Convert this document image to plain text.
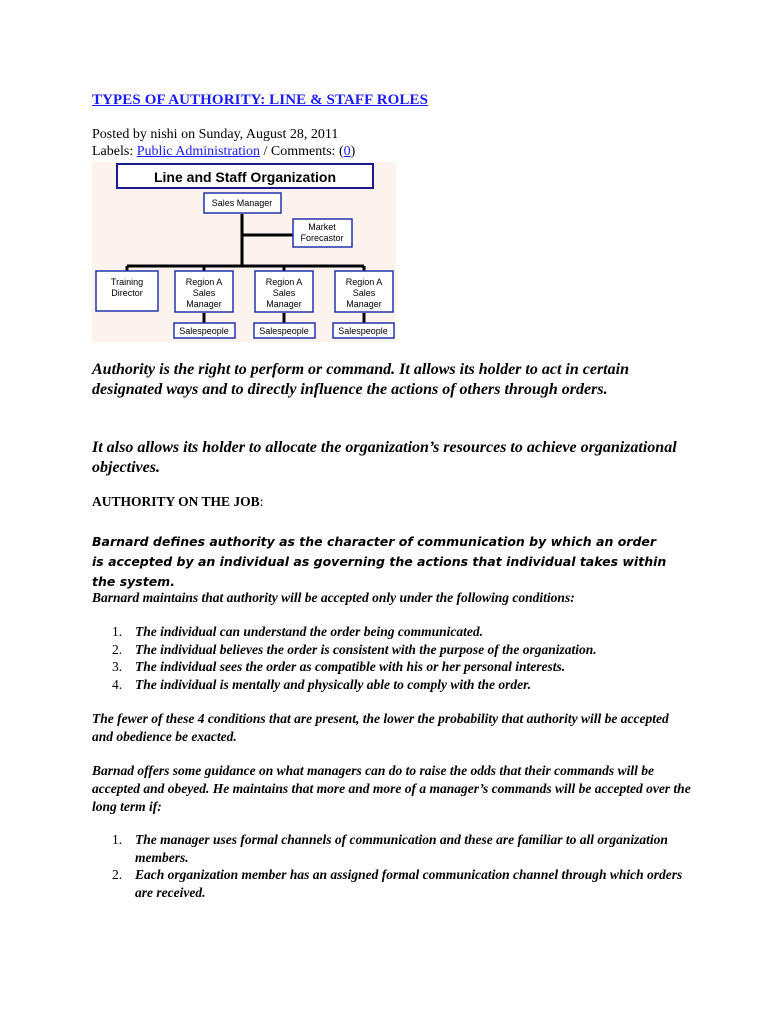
TYPES OF AUTHORITY: LINE & STAFF ROLES
Posted by nishi on Sunday, August 28, 2011
Labels: Public Administration / Comments: (0)
Line and Staff Organization
Sales Manager
Market
Forecastor
Training
Director
Region A
Sales
Manager
Region A
Sales
Manager
Region A
Sales
Manager
Salespeople	Salespeople	Salespeople
Authority is the right to perform or command. It allows its holder to act in certain designated ways and to directly influence the actions of others through orders.
It also allows its holder to allocate the organization’s resources to achieve organizational objectives.
AUTHORITY ON THE JOB:
Barnard defines authority as the character of communication by which an order is accepted by an individual as governing the actions that individual takes within the system.
Barnard maintains that authority will be accepted only under the following conditions:
1. The individual can understand the order being communicated.
2. The individual believes the order is consistent with the purpose of the organization.
3. The individual sees the order as compatible with his or her personal interests.
4. The individual is mentally and physically able to comply with the order.
The fewer of these 4 conditions that are present, the lower the probability that authority will be accepted and obedience be exacted.
Barnad offers some guidance on what managers can do to raise the odds that their commands will be accepted and obeyed. He maintains that more and more of a manager’s commands will be accepted over the long term if:
1. The manager uses formal channels of communication and these are familiar to all organization members.
2. Each organization member has an assigned formal communication channel through which orders are received.
